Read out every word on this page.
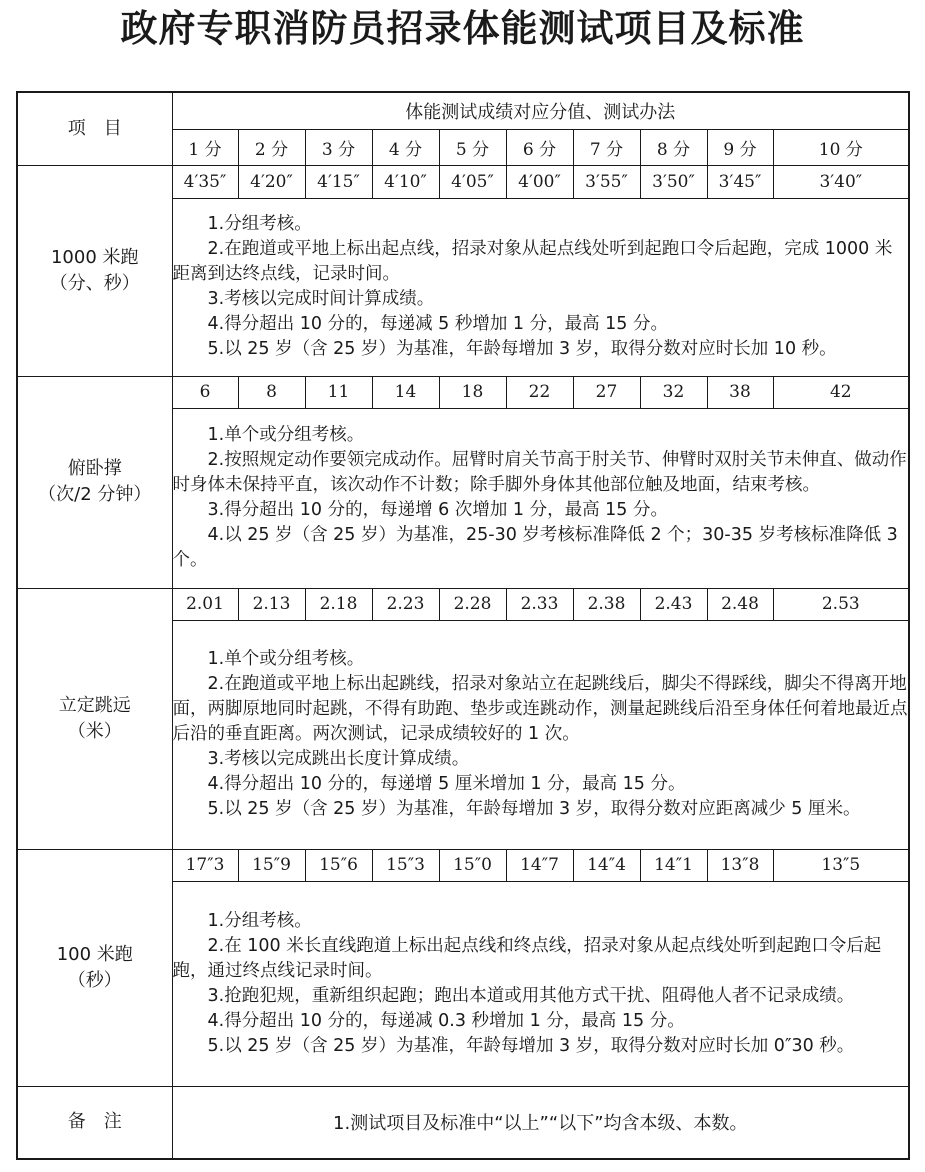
政府专职消防员招录体能测试项目及标准
项　目	体能测试成绩对应分值、测试办法									
	1 分	2 分	3 分	4 分	5 分	6 分	7 分	8 分	9 分	10 分

1000 米跑
（分、秒）	4′35″	4′20″	4′15″	4′10″	4′05″	4′00″	3′55″	3′50″	3′45″	3′40″

	1.分组考核。

2.在跑道或平地上标出起点线，招录对象从起点线处听到起跑口令后起跑，完成 1000 米距离到达终点线，记录时间。

3.考核以完成时间计算成绩。

4.得分超出 10 分的，每递减 5 秒增加 1 分，最高 15 分。

5.以 25 岁（含 25 岁）为基准，年龄每增加 3 岁，取得分数对应时长加 10 秒。									

俯卧撑
（次/2 分钟）	6	8	11	14	18	22	27	32	38	42

	1.单个或分组考核。

2.按照规定动作要领完成动作。屈臂时肩关节高于肘关节、伸臂时双肘关节未伸直、做动作时身体未保持平直，该次动作不计数；除手脚外身体其他部位触及地面，结束考核。

3.得分超出 10 分的，每递增 6 次增加 1 分，最高 15 分。

4.以 25 岁（含 25 岁）为基准，25-30 岁考核标准降低 2 个；30-35 岁考核标准降低 3 个。									

立定跳远
（米）	2.01	2.13	2.18	2.23	2.28	2.33	2.38	2.43	2.48	2.53

	1.单个或分组考核。

2.在跑道或平地上标出起跳线，招录对象站立在起跳线后，脚尖不得踩线，脚尖不得离开地面，两脚原地同时起跳，不得有助跑、垫步或连跳动作，测量起跳线后沿至身体任何着地最近点后沿的垂直距离。两次测试，记录成绩较好的 1 次。

3.考核以完成跳出长度计算成绩。

4.得分超出 10 分的，每递增 5 厘米增加 1 分，最高 15 分。

5.以 25 岁（含 25 岁）为基准，年龄每增加 3 岁，取得分数对应距离减少 5 厘米。									

100 米跑
（秒）	17″3	15″9	15″6	15″3	15″0	14″7	14″4	14″1	13″8	13″5

	1.分组考核。

2.在 100 米长直线跑道上标出起点线和终点线，招录对象从起点线处听到起跑口令后起跑，通过终点线记录时间。

3.抢跑犯规，重新组织起跑；跑出本道或用其他方式干扰、阻碍他人者不记录成绩。

4.得分超出 10 分的，每递减 0.3 秒增加 1 分，最高 15 分。

5.以 25 岁（含 25 岁）为基准，年龄每增加 3 岁，取得分数对应时长加 0″30 秒。									

备　注	1.测试项目及标准中“以上”“以下”均含本级、本数。									
